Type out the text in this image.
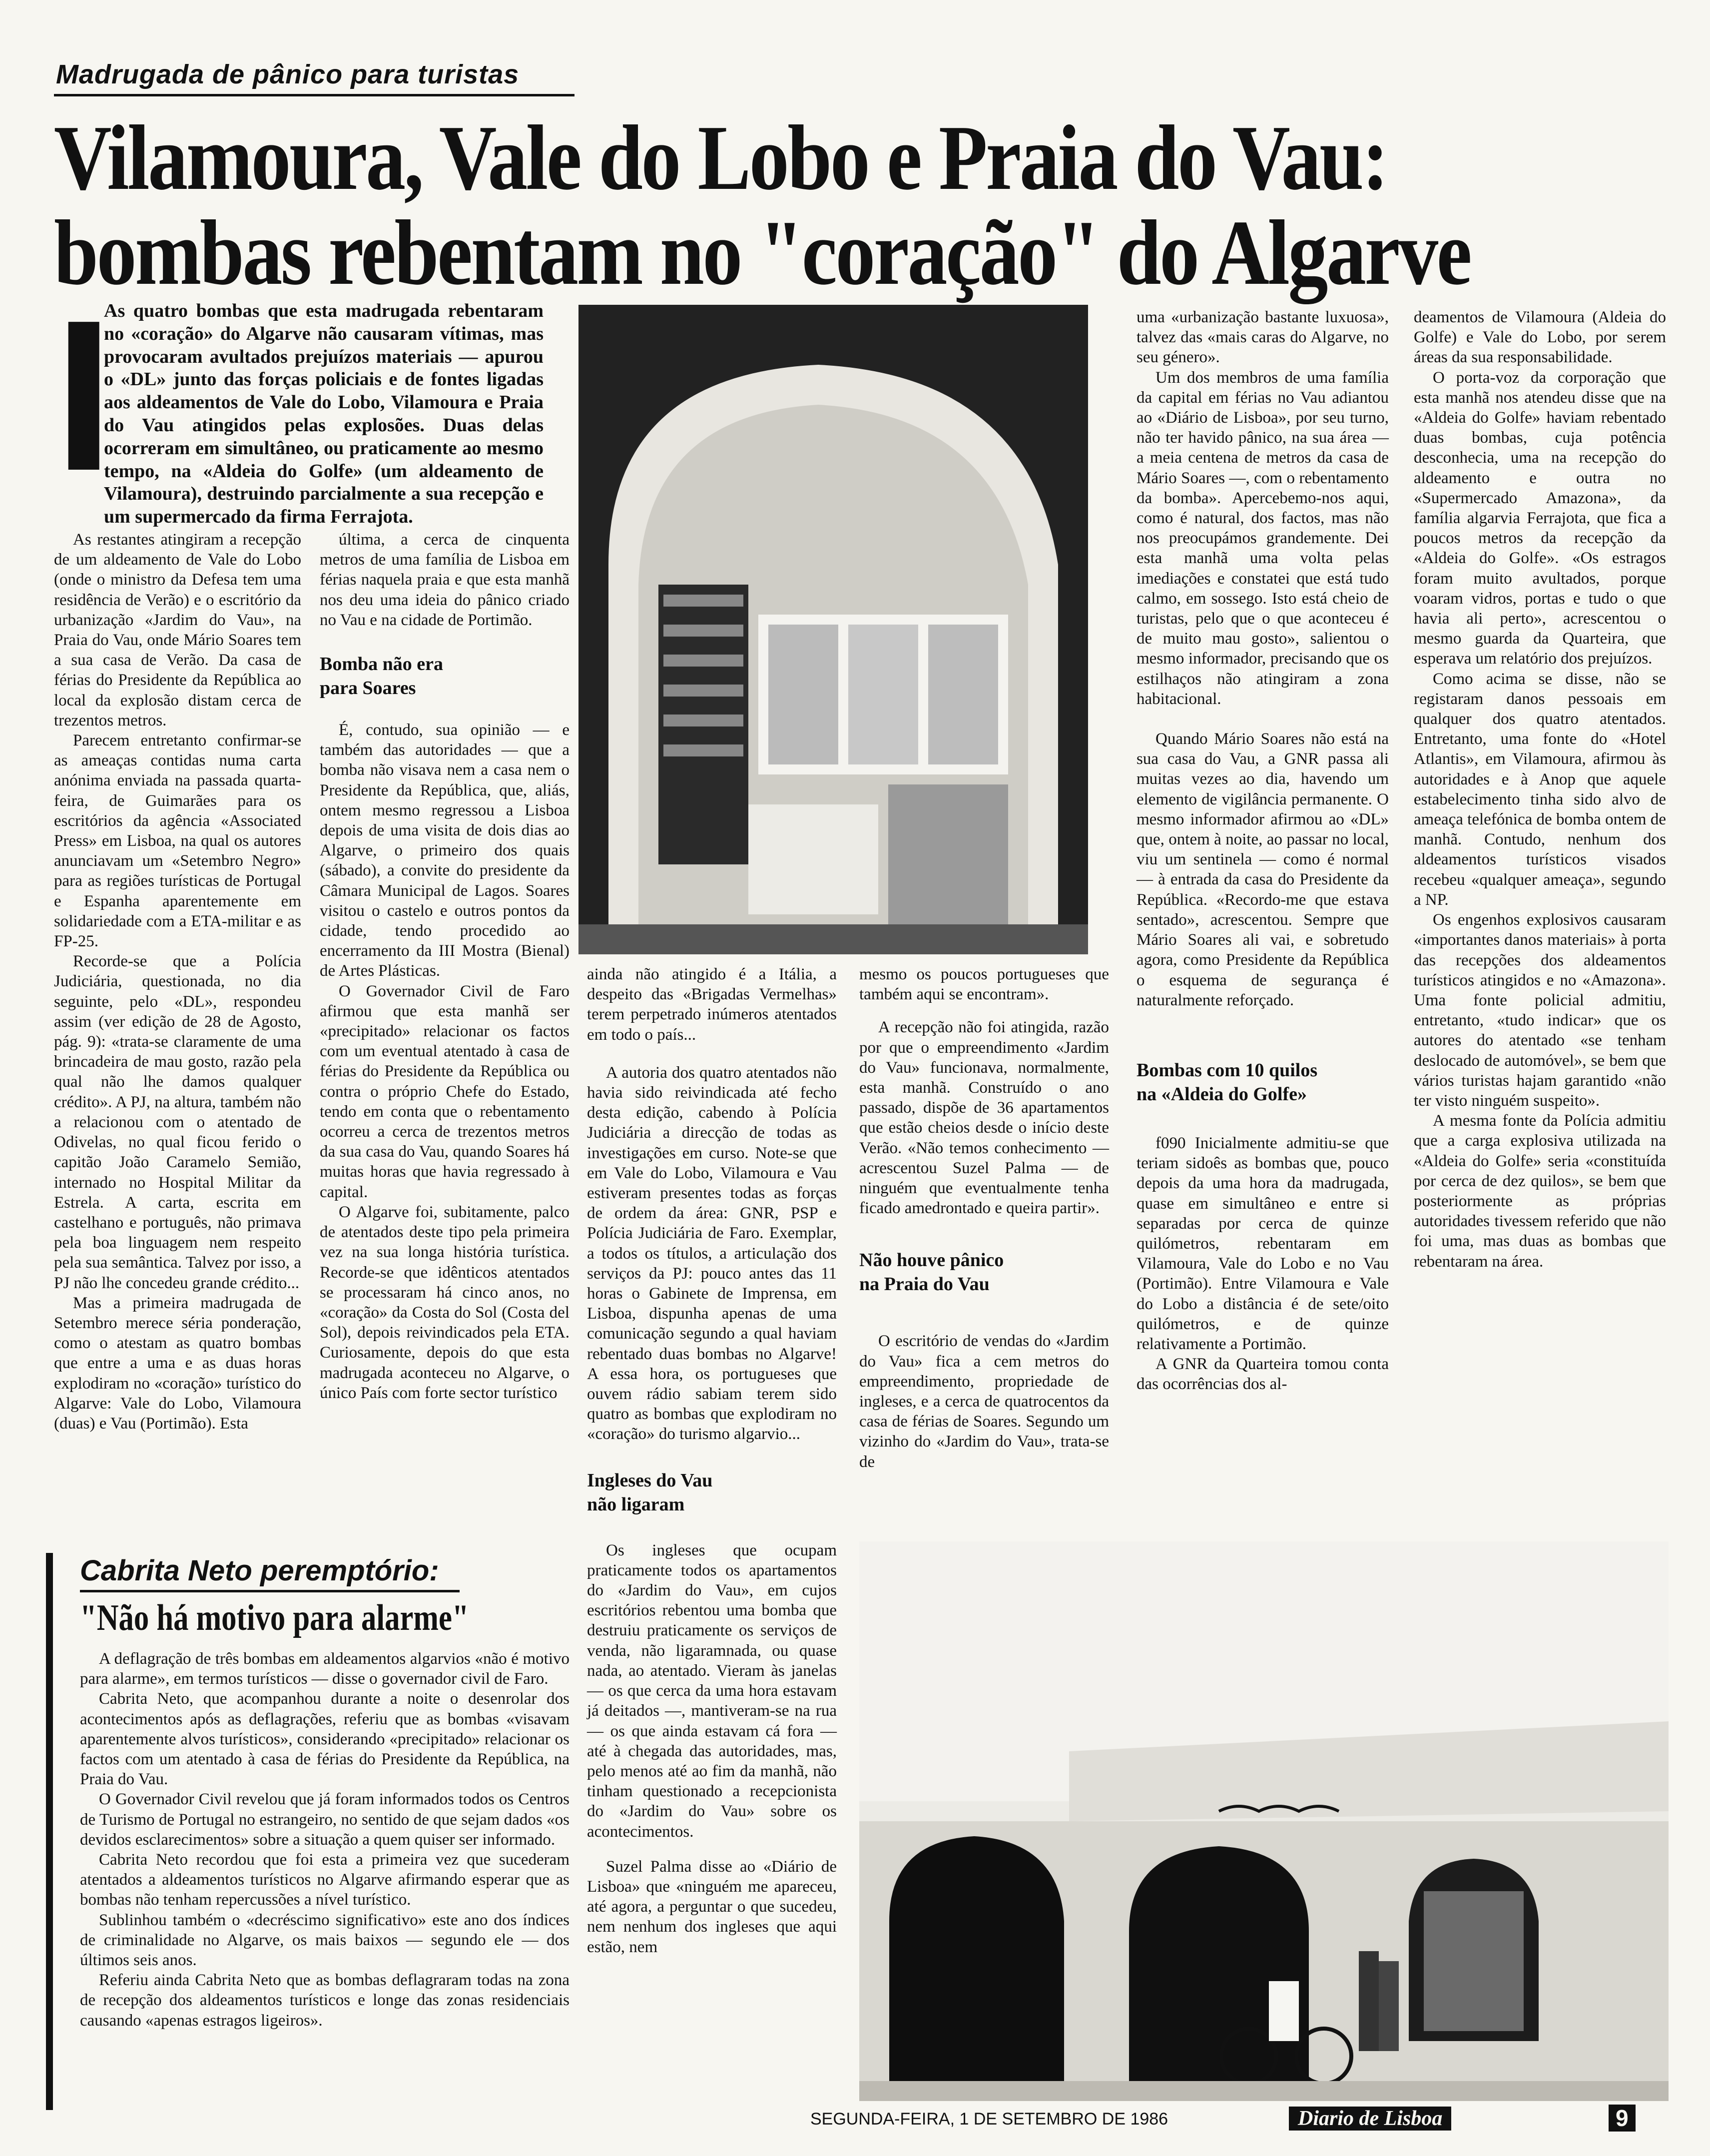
Madrugada de pânico para turistas
Vilamoura, Vale do Lobo e Praia do Vau:
bombas rebentam no "coração" do Algarve
I
As quatro bombas que esta madrugada rebentaram no «coração» do Algarve não causaram vítimas, mas provocaram avultados prejuízos materiais — apurou o «DL» junto das forças policiais e de fontes ligadas aos aldeamentos de Vale do Lobo, Vilamoura e Praia do Vau atingidos pelas explosões. Duas delas ocorreram em simultâneo, ou praticamente ao mesmo tempo, na «Aldeia do Golfe» (um aldeamento de Vilamoura), destruindo parcialmente a sua recepção e um supermercado da firma Ferrajota.

As restantes atingiram a recepção de um aldeamento de Vale do Lobo (onde o ministro da Defesa tem uma residência de Verão) e o escritório da urbanização «Jardim do Vau», na Praia do Vau, onde Mário Soares tem a sua casa de Verão. Da casa de férias do Presidente da República ao local da explosão distam cerca de trezentos metros.

Parecem entretanto confirmar-se as ameaças contidas numa carta anónima enviada na passada quarta-feira, de Guimarães para os escritórios da agência «Associated Press» em Lisboa, na qual os autores anunciavam um «Setembro Negro» para as regiões turísticas de Portugal e Espanha aparentemente em solidariedade com a ETA-militar e as FP-25.

Recorde-se que a Polícia Judiciária, questionada, no dia seguinte, pelo «DL», respondeu assim (ver edição de 28 de Agosto, pág. 9): «trata-se claramente de uma brincadeira de mau gosto, razão pela qual não lhe damos qualquer crédito». A PJ, na altura, também não a relacionou com o atentado de Odivelas, no qual ficou ferido o capitão João Caramelo Semião, internado no Hospital Militar da Estrela. A carta, escrita em castelhano e português, não primava pela boa linguagem nem respeito pela sua semântica. Talvez por isso, a PJ não lhe concedeu grande crédito...

Mas a primeira madrugada de Setembro merece séria ponderação, como o atestam as quatro bombas que entre a uma e as duas horas explodiram no «coração» turístico do Algarve: Vale do Lobo, Vilamoura (duas) e Vau (Portimão). Esta

última, a cerca de cinquenta metros de uma família de Lisboa em férias naquela praia e que esta manhã nos deu uma ideia do pânico criado no Vau e na cidade de Portimão.

Bomba não era
para Soares

É, contudo, sua opinião — e também das autoridades — que a bomba não visava nem a casa nem o Presidente da República, que, aliás, ontem mesmo regressou a Lisboa depois de uma visita de dois dias ao Algarve, o primeiro dos quais (sábado), a convite do presidente da Câmara Municipal de Lagos. Soares visitou o castelo e outros pontos da cidade, tendo procedido ao encerramento da III Mostra (Bienal) de Artes Plásticas.

O Governador Civil de Faro afirmou que esta manhã ser «precipitado» relacionar os factos com um eventual atentado à casa de férias do Presidente da República ou contra o próprio Chefe do Estado, tendo em conta que o rebentamento ocorreu a cerca de trezentos metros da sua casa do Vau, quando Soares há muitas horas que havia regressado à capital.

O Algarve foi, subitamente, palco de atentados deste tipo pela primeira vez na sua longa história turística. Recorde-se que idênticos atentados se processaram há cinco anos, no «coração» da Costa do Sol (Costa del Sol), depois reivindicados pela ETA. Curiosamente, depois do que esta madrugada aconteceu no Algarve, o único País com forte sector turístico

ainda não atingido é a Itália, a despeito das «Brigadas Vermelhas» terem perpetrado inúmeros atentados em todo o país...

A autoria dos quatro atentados não havia sido reivindicada até fecho desta edição, cabendo à Polícia Judiciária a direcção de todas as investigações em curso. Note-se que em Vale do Lobo, Vilamoura e Vau estiveram presentes todas as forças de ordem da área: GNR, PSP e Polícia Judiciária de Faro. Exemplar, a todos os títulos, a articulação dos serviços da PJ: pouco antes das 11 horas o Gabinete de Imprensa, em Lisboa, dispunha apenas de uma comunicação segundo a qual haviam rebentado duas bombas no Algarve! A essa hora, os portugueses que ouvem rádio sabiam terem sido quatro as bombas que explodiram no «coração» do turismo algarvio...

Ingleses do Vau
não ligaram

Os ingleses que ocupam praticamente todos os apartamentos do «Jardim do Vau», em cujos escritórios rebentou uma bomba que destruiu praticamente os serviços de venda, não ligaramnada, ou quase nada, ao atentado. Vieram às janelas — os que cerca da uma hora estavam já deitados —, mantiveram-se na rua — os que ainda estavam cá fora — até à chegada das autoridades, mas, pelo menos até ao fim da manhã, não tinham questionado a recepcionista do «Jardim do Vau» sobre os acontecimentos.

Suzel Palma disse ao «Diário de Lisboa» que «ninguém me apareceu, até agora, a perguntar o que sucedeu, nem nenhum dos ingleses que aqui estão, nem

mesmo os poucos portugueses que também aqui se encontram».

A recepção não foi atingida, razão por que o empreendimento «Jardim do Vau» funcionava, normalmente, esta manhã. Construído o ano passado, dispõe de 36 apartamentos que estão cheios desde o início deste Verão. «Não temos conhecimento — acrescentou Suzel Palma — de ninguém que eventualmente tenha ficado amedrontado e queira partir».

Não houve pânico
na Praia do Vau

O escritório de vendas do «Jardim do Vau» fica a cem metros do empreendimento, propriedade de ingleses, e a cerca de quatrocentos da casa de férias de Soares. Segundo um vizinho do «Jardim do Vau», trata-se de

uma «urbanização bastante luxuosa», talvez das «mais caras do Algarve, no seu género».

Um dos membros de uma família da capital em férias no Vau adiantou ao «Diário de Lisboa», por seu turno, não ter havido pânico, na sua área — a meia centena de metros da casa de Mário Soares —, com o rebentamento da bomba». Apercebemo-nos aqui, como é natural, dos factos, mas não nos preocupámos grandemente. Dei esta manhã uma volta pelas imediações e constatei que está tudo calmo, em sossego. Isto está cheio de turistas, pelo que o que aconteceu é de muito mau gosto», salientou o mesmo informador, precisando que os estilhaços não atingiram a zona habitacional.

Quando Mário Soares não está na sua casa do Vau, a GNR passa ali muitas vezes ao dia, havendo um elemento de vigilância permanente. O mesmo informador afirmou ao «DL» que, ontem à noite, ao passar no local, viu um sentinela — como é normal — à entrada da casa do Presidente da República. «Recordo-me que estava sentado», acrescentou. Sempre que Mário Soares ali vai, e sobretudo agora, como Presidente da República o esquema de segurança é naturalmente reforçado.

Bombas com 10 quilos
na «Aldeia do Golfe»

f090 Inicialmente admitiu-se que teriam sidoês as bombas que, pouco depois da uma hora da madrugada, quase em simultâneo e entre si separadas por cerca de quinze quilómetros, rebentaram em Vilamoura, Vale do Lobo e no Vau (Portimão). Entre Vilamoura e Vale do Lobo a distância é de sete/oito quilómetros, e de quinze relativamente a Portimão.

A GNR da Quarteira tomou conta das ocorrências dos al-

deamentos de Vilamoura (Aldeia do Golfe) e Vale do Lobo, por serem áreas da sua responsabilidade.

O porta-voz da corporação que esta manhã nos atendeu disse que na «Aldeia do Golfe» haviam rebentado duas bombas, cuja potência desconhecia, uma na recepção do aldeamento e outra no «Supermercado Amazona», da família algarvia Ferrajota, que fica a poucos metros da recepção da «Aldeia do Golfe». «Os estragos foram muito avultados, porque voaram vidros, portas e tudo o que havia ali perto», acrescentou o mesmo guarda da Quarteira, que esperava um relatório dos prejuízos.

Como acima se disse, não se registaram danos pessoais em qualquer dos quatro atentados. Entretanto, uma fonte do «Hotel Atlantis», em Vilamoura, afirmou às autoridades e à Anop que aquele estabelecimento tinha sido alvo de ameaça telefónica de bomba ontem de manhã. Contudo, nenhum dos aldeamentos turísticos visados recebeu «qualquer ameaça», segundo a NP.

Os engenhos explosivos causaram «importantes danos materiais» à porta das recepções dos aldeamentos turísticos atingidos e no «Amazona». Uma fonte policial admitiu, entretanto, «tudo indicar» que os autores do atentado «se tenham deslocado de automóvel», se bem que vários turistas hajam garantido «não ter visto ninguém suspeito».

A mesma fonte da Polícia admitiu que a carga explosiva utilizada na «Aldeia do Golfe» seria «constituída por cerca de dez quilos», se bem que posteriormente as próprias autoridades tivessem referido que não foi uma, mas duas as bombas que rebentaram na área.

Cabrita Neto peremptório:
"Não há motivo para alarme"

A deflagração de três bombas em aldeamentos algarvios «não é motivo para alarme», em termos turísticos — disse o governador civil de Faro.

Cabrita Neto, que acompanhou durante a noite o desenrolar dos acontecimentos após as deflagrações, referiu que as bombas «visavam aparentemente alvos turísticos», considerando «precipitado» relacionar os factos com um atentado à casa de férias do Presidente da República, na Praia do Vau.

O Governador Civil revelou que já foram informados todos os Centros de Turismo de Portugal no estrangeiro, no sentido de que sejam dados «os devidos esclarecimentos» sobre a situação a quem quiser ser informado.

Cabrita Neto recordou que foi esta a primeira vez que sucederam atentados a aldeamentos turísticos no Algarve afirmando esperar que as bombas não tenham repercussões a nível turístico.

Sublinhou também o «decréscimo significativo» este ano dos índices de criminalidade no Algarve, os mais baixos — segundo ele — dos últimos seis anos.

Referiu ainda Cabrita Neto que as bombas deflagraram todas na zona de recepção dos aldeamentos turísticos e longe das zonas residenciais causando «apenas estragos ligeiros».

SEGUNDA-FEIRA, 1 DE SETEMBRO DE 1986	Diario de Lisboa	9
